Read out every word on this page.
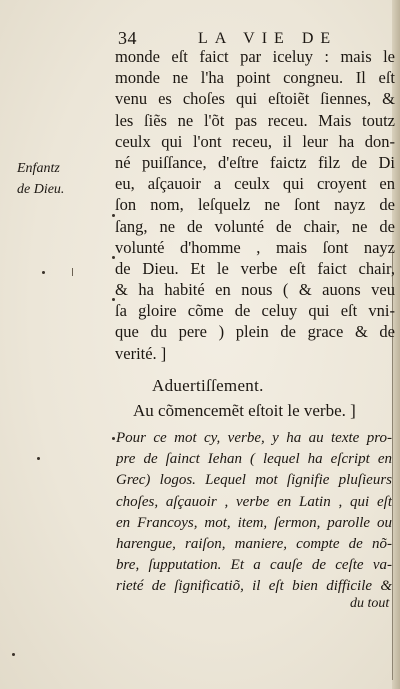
34	LA VIE DE
Enfantz
de Dieu.
monde eſt faict par iceluy : mais le
monde ne l'ha point congneu. Il eſt
venu es choſes qui eſtoiẽt ſiennes, &
les ſiẽs ne l'õt pas receu. Mais toutz
ceulx qui l'ont receu, il leur ha don-
né puiſſance, d'eſtre faictz filz de Di
eu, aſçauoir a ceulx qui croyent en
ſon nom, leſquelz ne ſont nayz de
ſang, ne de volunté de chair, ne de
volunté d'homme , mais ſont nayz
de Dieu. Et le verbe eſt faict chair,
& ha habité en nous ( & auons veu
ſa gloire cõme de celuy qui eſt vni-
que du pere ) plein de grace & de
verité. ]
Aduertiſſement.
Au cõmencemẽt eſtoit le verbe. ]
Pour ce mot cy, verbe, y ha au texte pro-
pre de ſainct Iehan ( lequel ha eſcript en
Grec) logos. Lequel mot ſignifie pluſieurs
choſes, aſçauoir , verbe en Latin , qui eſt
en Francoys, mot, item, ſermon, parolle ou
harengue, raiſon, maniere, compte de nõ-
bre, ſupputation. Et a cauſe de ceſte va-
rieté de ſignificatiõ, il eſt bien difficile &
du tout
